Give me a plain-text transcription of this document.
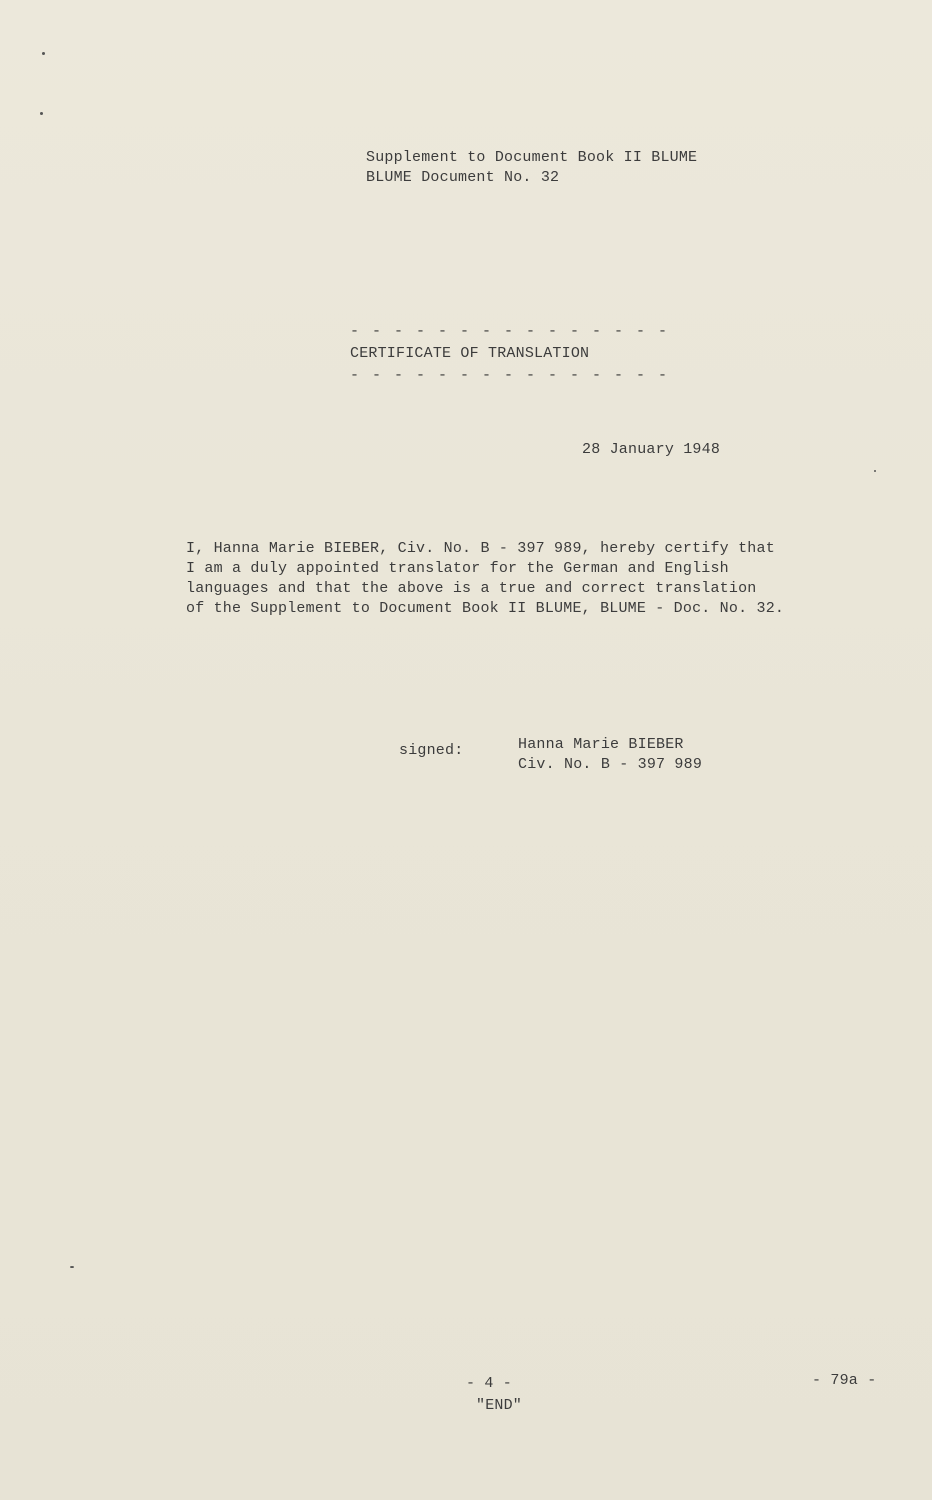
Supplement to Document Book II BLUME
BLUME Document No. 32
- - - - - - - - - - - - - - -
CERTIFICATE OF TRANSLATION
- - - - - - - - - - - - - - -
28 January 1948
I, Hanna Marie BIEBER, Civ. No. B - 397 989, hereby certify that
I am a duly appointed translator for the German and English
languages and that the above is a true and correct translation
of the Supplement to Document Book II BLUME, BLUME - Doc. No. 32.
signed:	Hanna Marie BIEBER
Civ. No. B - 397 989
- 4 -
"END"
- 79a -
